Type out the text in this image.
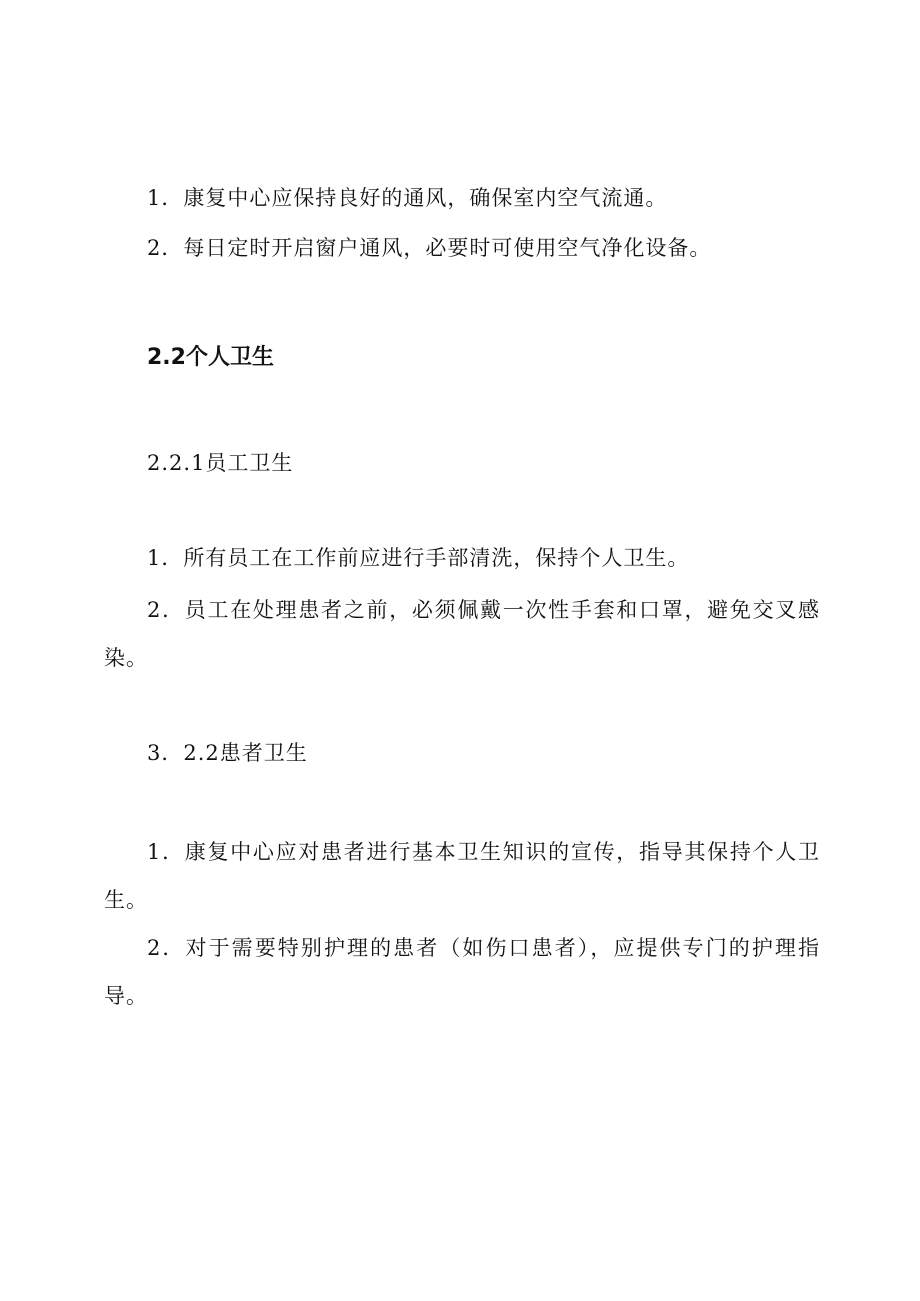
1．康复中心应保持良好的通风，确保室内空气流通。
2．每日定时开启窗户通风，必要时可使用空气净化设备。
2.2个人卫生
2.2.1员工卫生
1．所有员工在工作前应进行手部清洗，保持个人卫生。
2．员工在处理患者之前，必须佩戴一次性手套和口罩，避免交叉感染。
3．2.2患者卫生
1．康复中心应对患者进行基本卫生知识的宣传，指导其保持个人卫生。
2．对于需要特别护理的患者（如伤口患者），应提供专门的护理指导。
